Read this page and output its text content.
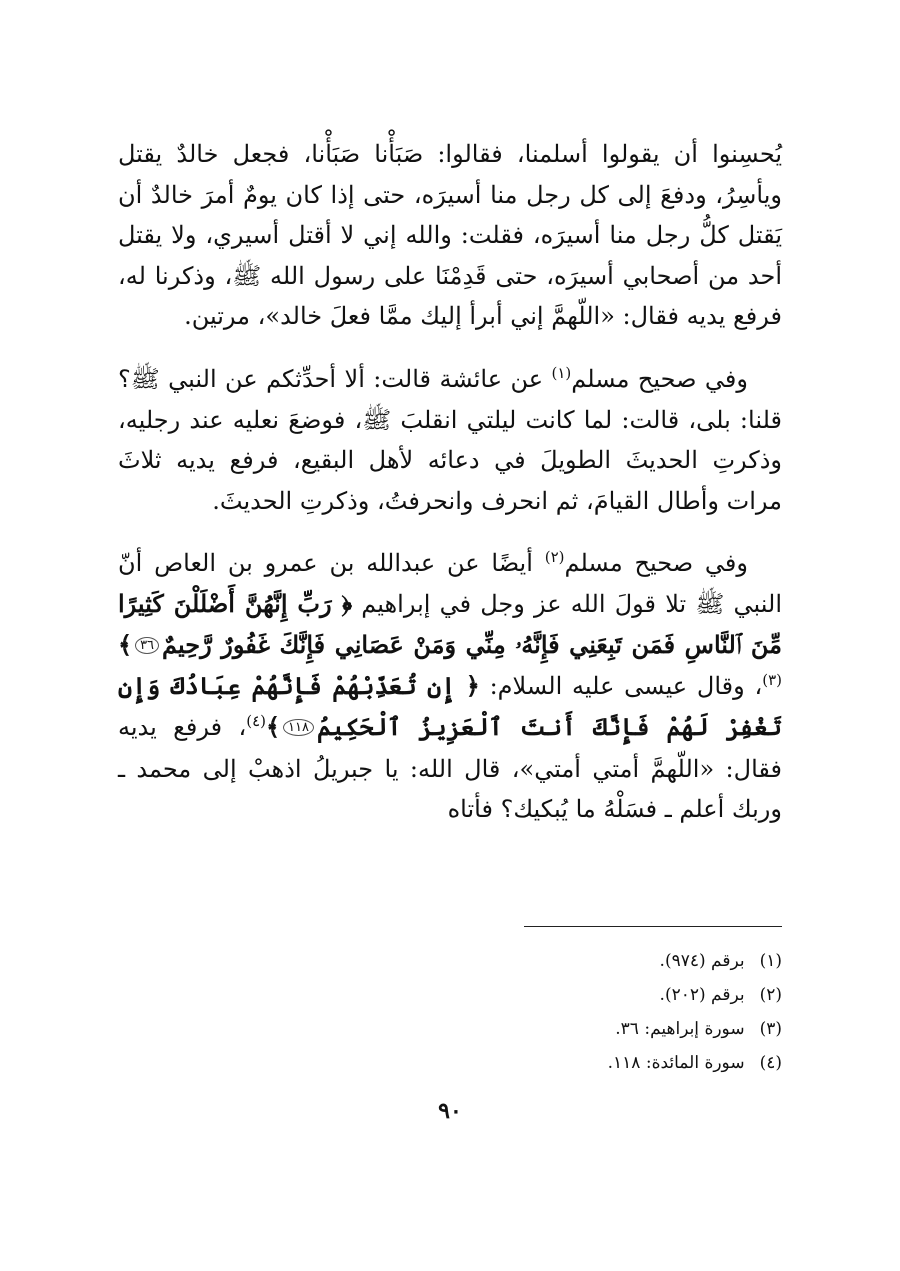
يُحسِنوا أن يقولوا أسلمنا، فقالوا: صَبَأْنا صَبَأْنا، فجعل خالدٌ يقتل ويأسِرُ، ودفعَ إلى كل رجل منا أسيرَه، حتى إذا كان يومٌ أمرَ خالدٌ أن يَقتل كلُّ رجل منا أسيرَه، فقلت: والله إني لا أقتل أسيري، ولا يقتل أحد من أصحابي أسيرَه، حتى قَدِمْنَا على رسول الله ﷺ، وذكرنا له، فرفع يديه فقال: «اللّهمَّ إني أبرأ إليك ممَّا فعلَ خالد»، مرتين.

وفي صحيح مسلم$^{(١)}$ عن عائشة قالت: ألا أحدِّثكم عن النبي ﷺ؟ قلنا: بلى، قالت: لما كانت ليلتي انقلبَ ﷺ، فوضعَ نعليه عند رجليه، وذكرتِ الحديثَ الطويلَ في دعائه لأهل البقيع، فرفع يديه ثلاثَ مرات وأطال القيامَ، ثم انحرف وانحرفتُ، وذكرتِ الحديثَ.

وفي صحيح مسلم$^{(٢)}$ أيضًا عن عبدالله بن عمرو بن العاص أنّ النبي ﷺ تلا قولَ الله عز وجل في إبراهيم ﴿ رَبِّ إِنَّهُنَّ أَضْلَلْنَ كَثِيرًا مِّنَ ٱلنَّاسِ فَمَن تَبِعَنِي فَإِنَّهُۥ مِنِّي وَمَنْ عَصَانِي فَإِنَّكَ غَفُورٌ رَّحِيمٌ٣٦﴾$^{(٣)}$، وقال عيسى عليه السلام: ﴿ إِن تُعَذِّبْهُمْ فَإِنَّهُمْ عِبَادُكَ وَإِن تَغْفِرْ لَهُمْ فَإِنَّكَ أَنتَ ٱلْعَزِيزُ ٱلْحَكِيمُ١١٨﴾$^{(٤)}$، فرفع يديه فقال: «اللّهمَّ أمتي أمتي»، قال الله: يا جبريلُ اذهبْ إلى محمد ـ وربك أعلم ـ فسَلْهُ ما يُبكيك؟ فأتاه

(١) برقم (٩٧٤).
(٢) برقم (٢٠٢).
(٣) سورة إبراهيم: ٣٦.
(٤) سورة المائدة: ١١٨.
٩٠
